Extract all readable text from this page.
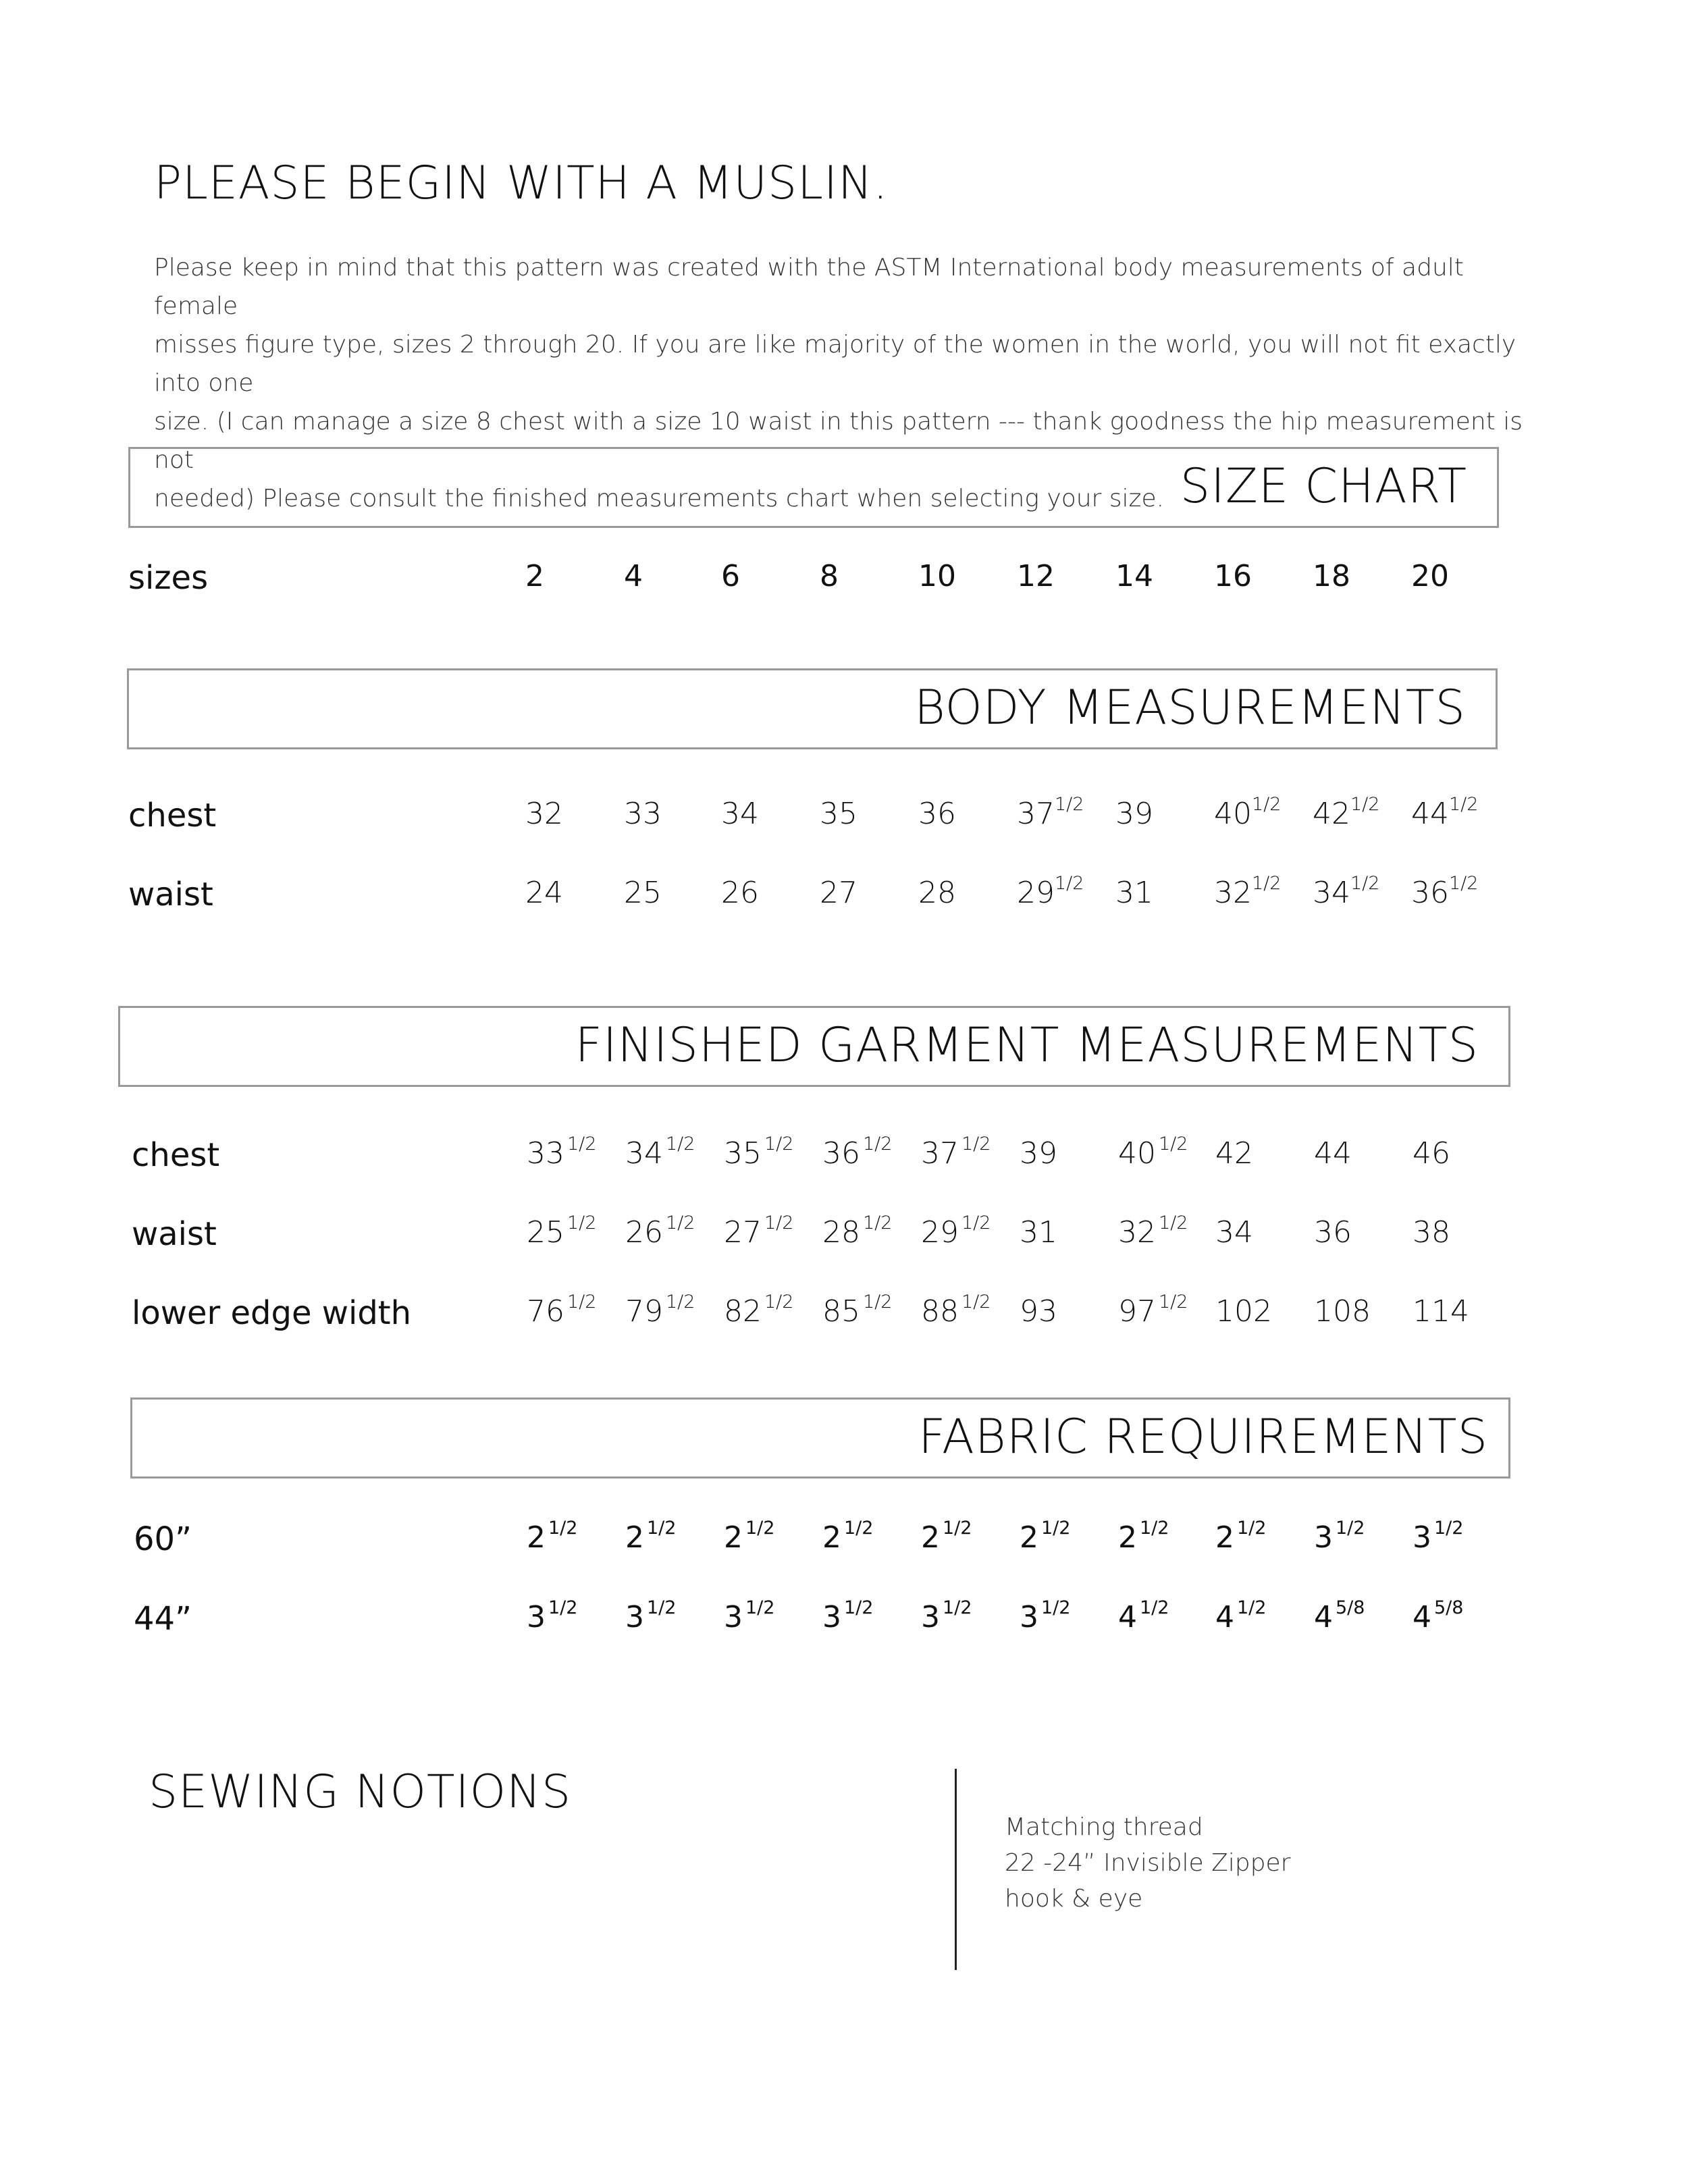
PLEASE BEGIN WITH A MUSLIN.
Please keep in mind that this pattern was created with the ASTM International body measurements of adult female
misses figure type, sizes 2 through 20. If you are like majority of the women in the world, you will not fit exactly into one
size. (I can manage a size 8 chest with a size 10 waist in this pattern --- thank goodness the hip measurement is not
needed) Please consult the finished measurements chart when selecting your size. SIZE CHART
sizes	2	4	6	8	10 12 14 16 18 20
BODY MEASUREMENTS
chest	32 33 34 35 36 $37^{1/2}$ 39 $40^{1/2}$ $42^{1/2}$ $44^{1/2}$
waist	24 25 26 27 28 $29^{1/2}$ 31 $32^{1/2}$ $34^{1/2}$ $36^{1/2}$
FINISHED GARMENT MEASUREMENTS
chest	33 $^{1/2}$ 34 $^{1/2}$ 35 $^{1/2}$ 36 $^{1/2}$ 37 $^{1/2}$ 39 40 $^{1/2}$ 42 44 46
waist	25 $^{1/2}$ 26 $^{1/2}$ 27 $^{1/2}$ 28 $^{1/2}$ 29 $^{1/2}$ 31 32 $^{1/2}$ 34 36 38
lower edge width	76 $^{1/2}$ 79 $^{1/2}$ 82 $^{1/2}$ 85 $^{1/2}$ 88 $^{1/2}$ 93 97 $^{1/2}$ 102 108 114
FABRIC REQUIREMENTS
60”	2 $^{1/2}$ 2 $^{1/2}$ 2 $^{1/2}$ 2 $^{1/2}$ 2 $^{1/2}$ 2 $^{1/2}$ 2 $^{1/2}$ 2 $^{1/2}$ 3 $^{1/2}$ 3 $^{1/2}$
44”	3 $^{1/2}$ 3 $^{1/2}$ 3 $^{1/2}$ 3 $^{1/2}$ 3 $^{1/2}$ 3 $^{1/2}$ 4 $^{1/2}$ 4 $^{1/2}$ 4 $^{5/8}$ 4 $^{5/8}$
SEWING NOTIONS
Matching thread
22 -24” Invisible Zipper
hook & eye
